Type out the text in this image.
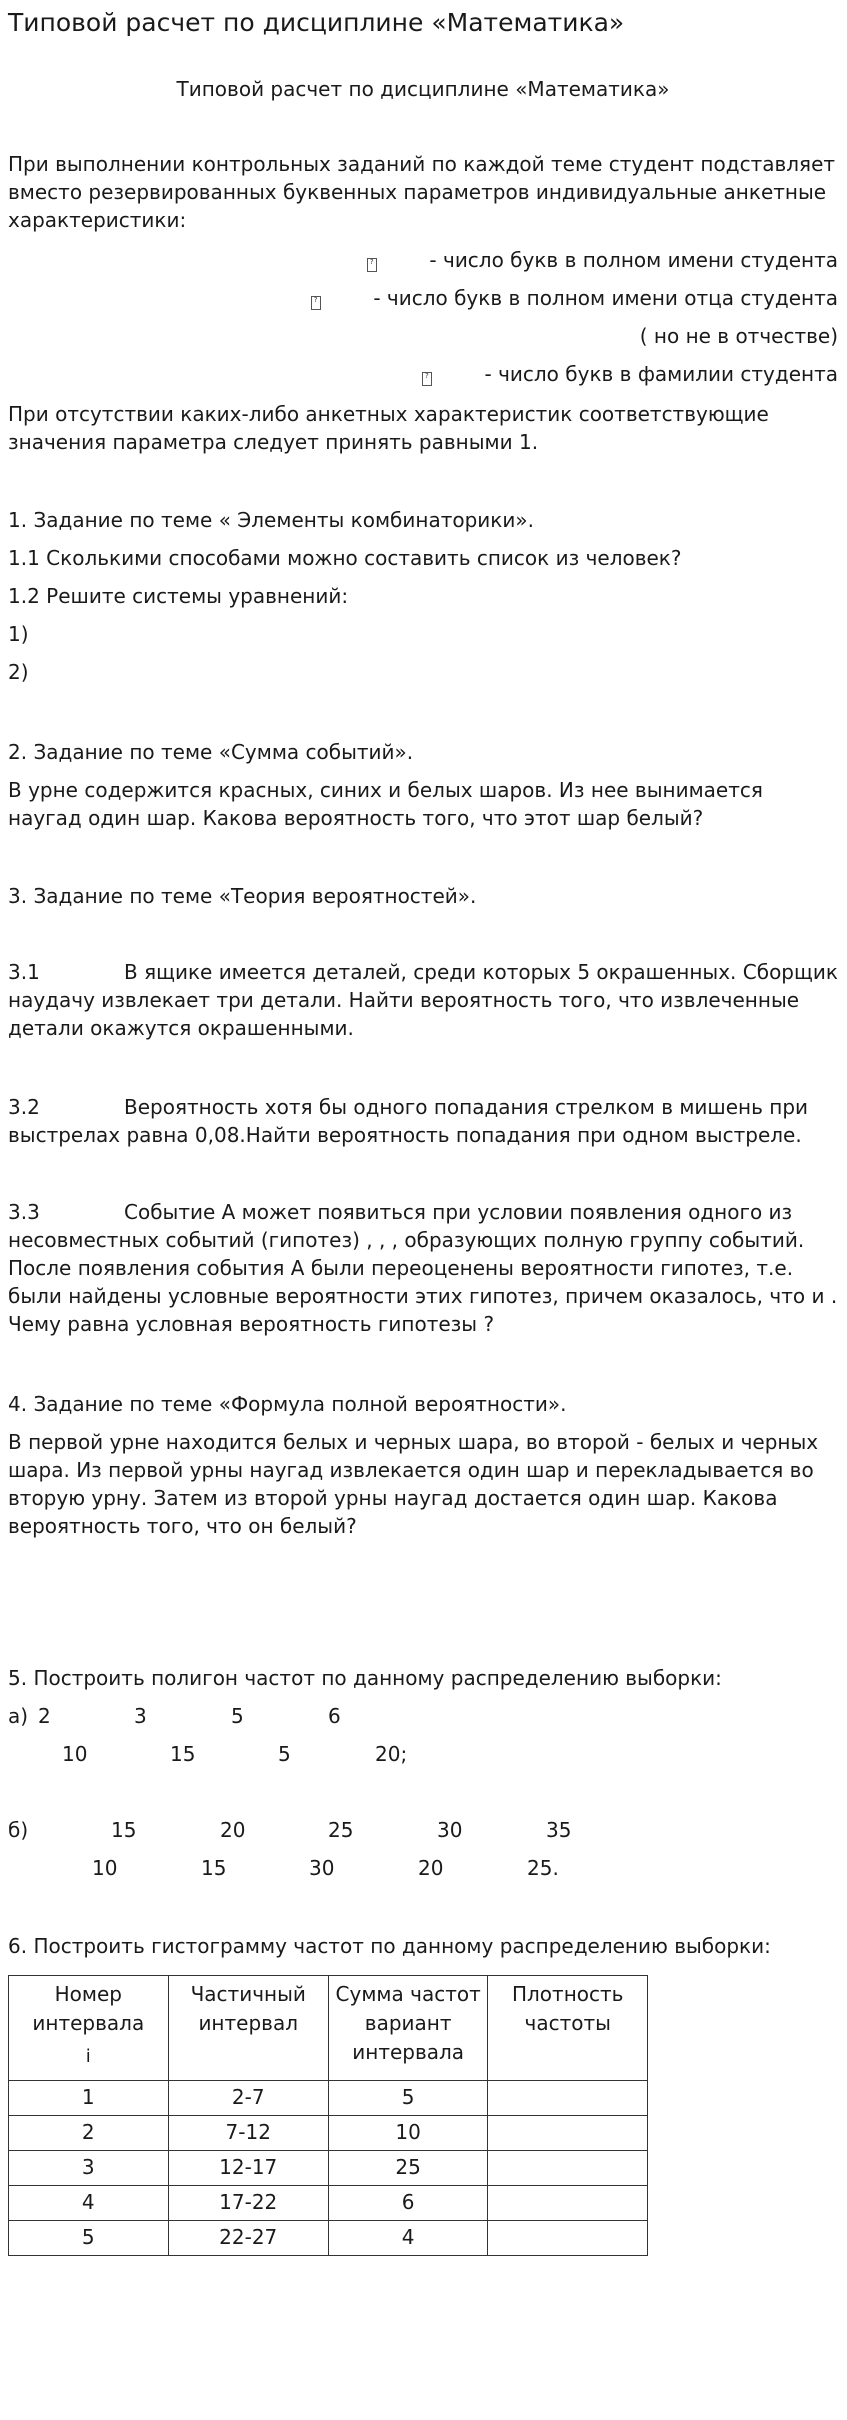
Типовой расчет по дисциплине «Математика»
Типовой расчет по дисциплине «Математика»

При выполнении контрольных заданий по каждой теме студент подставляет вместо резервированных буквенных параметров индивидуальные анкетные характеристики:

?	- число букв в полном имени студента

?	- число букв в полном имени отца студента

( но не в отчестве)

?	- число букв в фамилии студента

При отсутствии каких-либо анкетных характеристик соответствующие значения параметра следует принять равными 1.

1. Задание по теме « Элементы комбинаторики».

1.1 Сколькими способами можно составить список из человек?

1.2 Решите системы уравнений:

1)

2)

2. Задание по теме «Сумма событий».

В урне содержится красных, синих и белых шаров. Из нее вынимается наугад один шар. Какова вероятность того, что этот шар белый?

3. Задание по теме «Теория вероятностей».

3.1	В ящике имеется деталей, среди которых 5 окрашенных. Сборщик наудачу извлекает три детали. Найти вероятность того, что извлеченные детали окажутся окрашенными.

3.2	Вероятность хотя бы одного попадания стрелком в мишень при выстрелах равна 0,08.Найти вероятность попадания при одном выстреле.

3.3	Событие А может появиться при условии появления одного из несовместных событий (гипотез) , , , образующих полную группу событий. После появления события А были переоценены вероятности гипотез, т.е. были найдены условные вероятности этих гипотез, причем оказалось, что и . Чему равна условная вероятность гипотезы ?

4. Задание по теме «Формула полной вероятности».

В первой урне находится белых и черных шара, во второй - белых и черных шара. Из первой урны наугад извлекается один шар и перекладывается во вторую урну. Затем из второй урны наугад достается один шар. Какова вероятность того, что он белый?

5. Построить полигон частот по данному распределению выборки:

а) 2	3	5	6
10	15	5	20;
б)	15	20	25	30	35
10	15	30	20	25.

6. Построить гистограмму частот по данному распределению выборки:

Номер интервала
i	Частичный интервал	Сумма частот вариант интервала	Плотность частоты
1	2-7	5	
2	7-12	10	
3	12-17	25	
4	17-22	6	
5	22-27	4	
